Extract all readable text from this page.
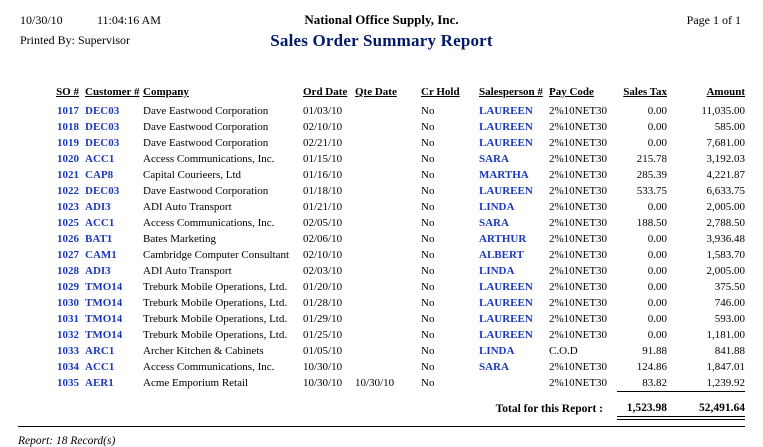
10/30/10	11:04:16 AM	National Office Supply, Inc.	Page 1 of 1
Printed By: Supervisor	Sales Order Summary Report
SO #	Customer #	Company	Ord Date	Qte Date	Cr Hold	Salesperson #	Pay Code	Sales Tax	Amount
1017	DEC03	Dave Eastwood Corporation	01/03/10		No	LAUREEN	2%10NET30	0.00	11,035.00
1018	DEC03	Dave Eastwood Corporation	02/10/10		No	LAUREEN	2%10NET30	0.00	585.00
1019	DEC03	Dave Eastwood Corporation	02/21/10		No	LAUREEN	2%10NET30	0.00	7,681.00
1020	ACC1	Access Communications, Inc.	01/15/10		No	SARA	2%10NET30	215.78	3,192.03
1021	CAP8	Capital Courieers, Ltd	01/16/10		No	MARTHA	2%10NET30	285.39	4,221.87
1022	DEC03	Dave Eastwood Corporation	01/18/10		No	LAUREEN	2%10NET30	533.75	6,633.75
1023	ADI3	ADI Auto Transport	01/21/10		No	LINDA	2%10NET30	0.00	2,005.00
1025	ACC1	Access Communications, Inc.	02/05/10		No	SARA	2%10NET30	188.50	2,788.50
1026	BAT1	Bates Marketing	02/06/10		No	ARTHUR	2%10NET30	0.00	3,936.48
1027	CAM1	Cambridge Computer Consultant	02/10/10		No	ALBERT	2%10NET30	0.00	1,583.70
1028	ADI3	ADI Auto Transport	02/03/10		No	LINDA	2%10NET30	0.00	2,005.00
1029	TMO14	Treburk Mobile Operations, Ltd.	01/20/10		No	LAUREEN	2%10NET30	0.00	375.50
1030	TMO14	Treburk Mobile Operations, Ltd.	01/28/10		No	LAUREEN	2%10NET30	0.00	746.00
1031	TMO14	Treburk Mobile Operations, Ltd.	01/29/10		No	LAUREEN	2%10NET30	0.00	593.00
1032	TMO14	Treburk Mobile Operations, Ltd.	01/25/10		No	LAUREEN	2%10NET30	0.00	1,181.00
1033	ARC1	Archer Kitchen & Cabinets	01/05/10		No	LINDA	C.O.D	91.88	841.88
1034	ACC1	Access Communications, Inc.	10/30/10		No	SARA	2%10NET30	124.86	1,847.01
1035	AER1	Acme Emporium Retail	10/30/10	10/30/10	No		2%10NET30	83.82	1,239.92
Total for this Report :								1,523.98	52,491.64
Report: 18 Record(s)
